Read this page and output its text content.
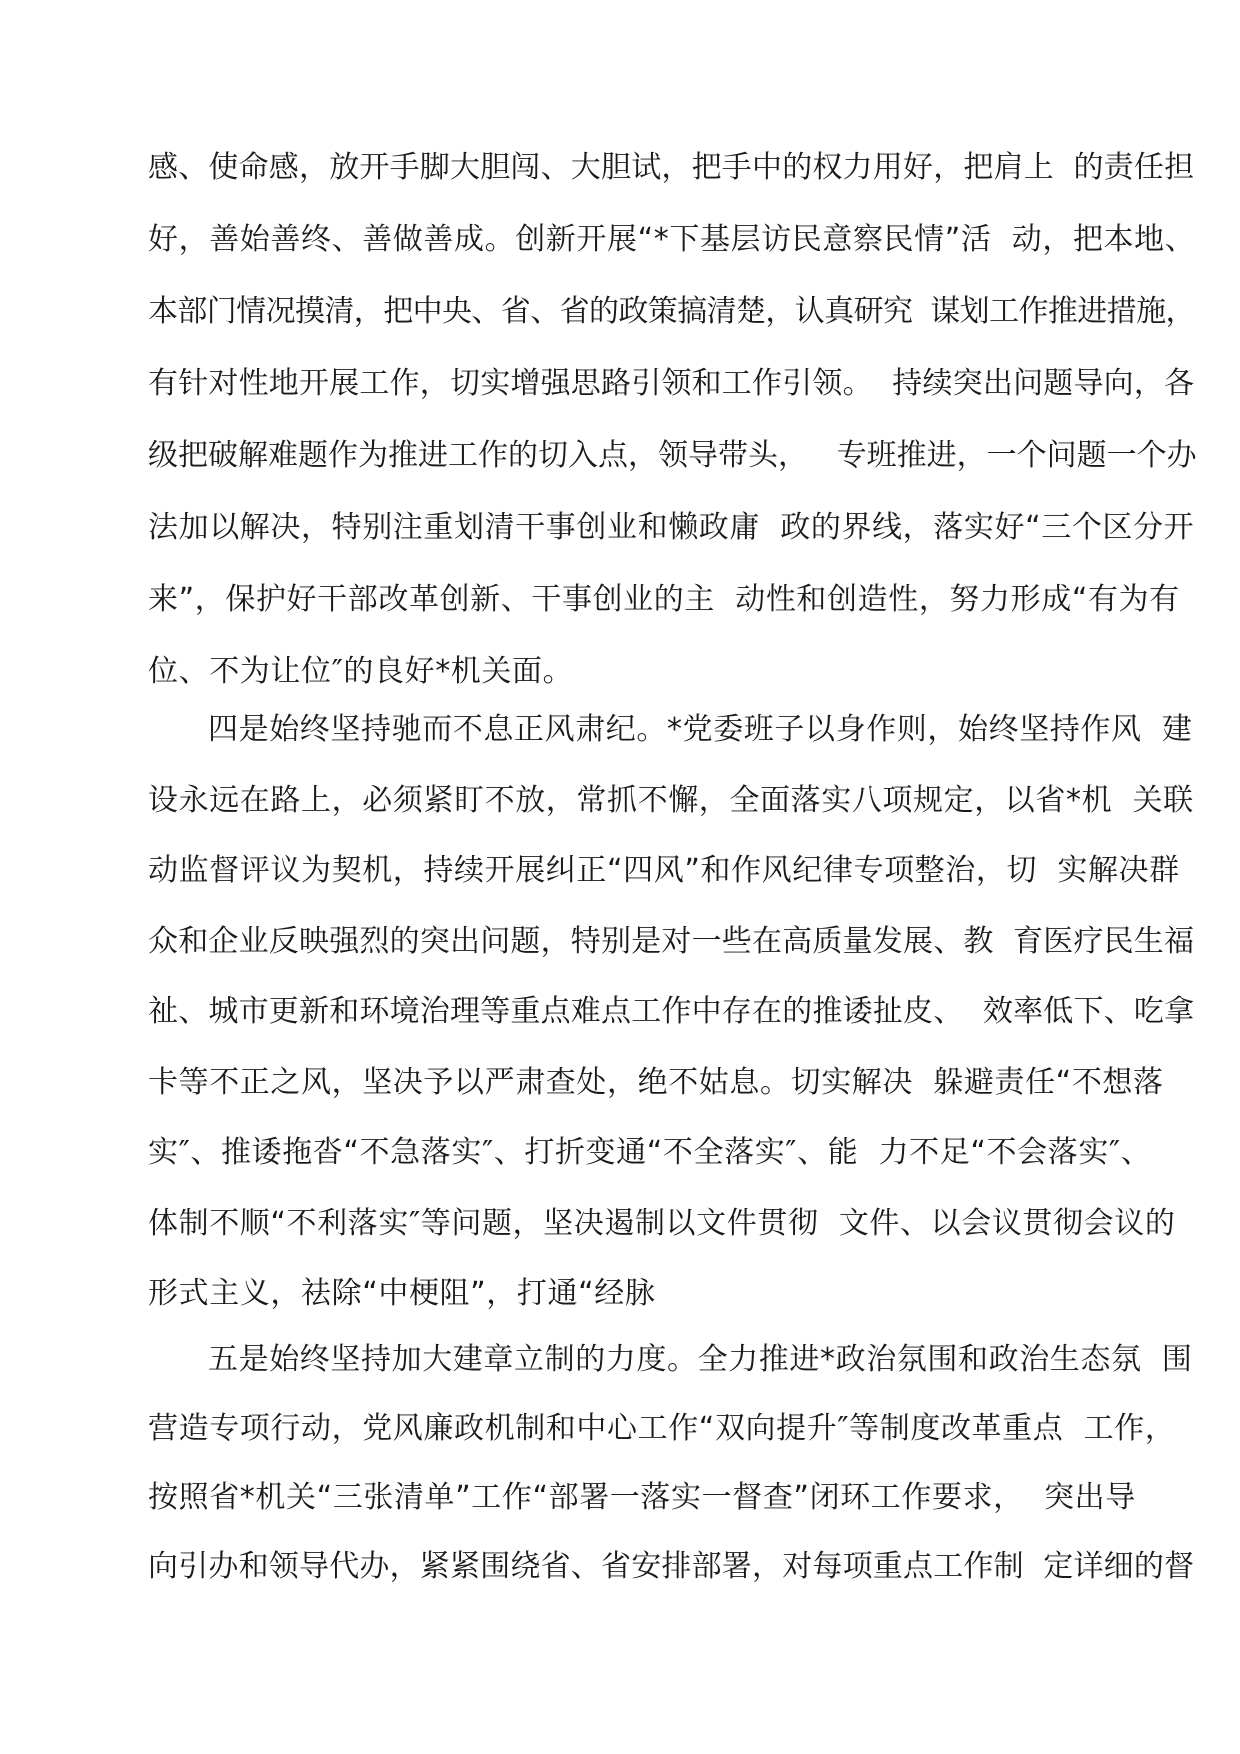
感、使命感，放开手脚大胆闯、大胆试，把手中的权力用好，把肩上  的责任担
好，善始善终、善做善成。创新开展“*下基层访民意察民情”活  动，把本地、
本部门情况摸清，把中央、省、省的政策搞清楚，认真研究  谋划工作推进措施，
有针对性地开展工作，切实增强思路引领和工作引领。  持续突出问题导向，各
级把破解难题作为推进工作的切入点，领导带头，   专班推进，一个问题一个办
法加以解决，特别注重划清干事创业和懒政庸  政的界线，落实好“三个区分开
来”，保护好干部改革创新、干事创业的主  动性和创造性，努力形成“有为有
位、不为让位″的良好*机关面。
四是始终坚持驰而不息正风肃纪。*党委班子以身作则，始终坚持作风  建
设永远在路上，必须紧盯不放，常抓不懈，全面落实八项规定，以省*机  关联
动监督评议为契机，持续开展纠正“四风”和作风纪律专项整治，切  实解决群
众和企业反映强烈的突出问题，特别是对一些在高质量发展、教  育医疗民生福
祉、城市更新和环境治理等重点难点工作中存在的推诿扯皮、  效率低下、吃拿
卡等不正之风，坚决予以严肃查处，绝不姑息。切实解决  躲避责任“不想落
实″、推诿拖沓“不急落实″、打折变通“不全落实″、能  力不足“不会落实″、
体制不顺“不利落实″等问题，坚决遏制以文件贯彻  文件、以会议贯彻会议的
形式主义，祛除“中梗阻”，打通“经脉
五是始终坚持加大建章立制的力度。全力推进*政治氛围和政治生态氛  围
营造专项行动，党风廉政机制和中心工作“双向提升″等制度改革重点  工作，
按照省*机关“三张清单”工作“部署一落实一督查”闭环工作要求，  突出导
向引办和领导代办，紧紧围绕省、省安排部署，对每项重点工作制  定详细的督
